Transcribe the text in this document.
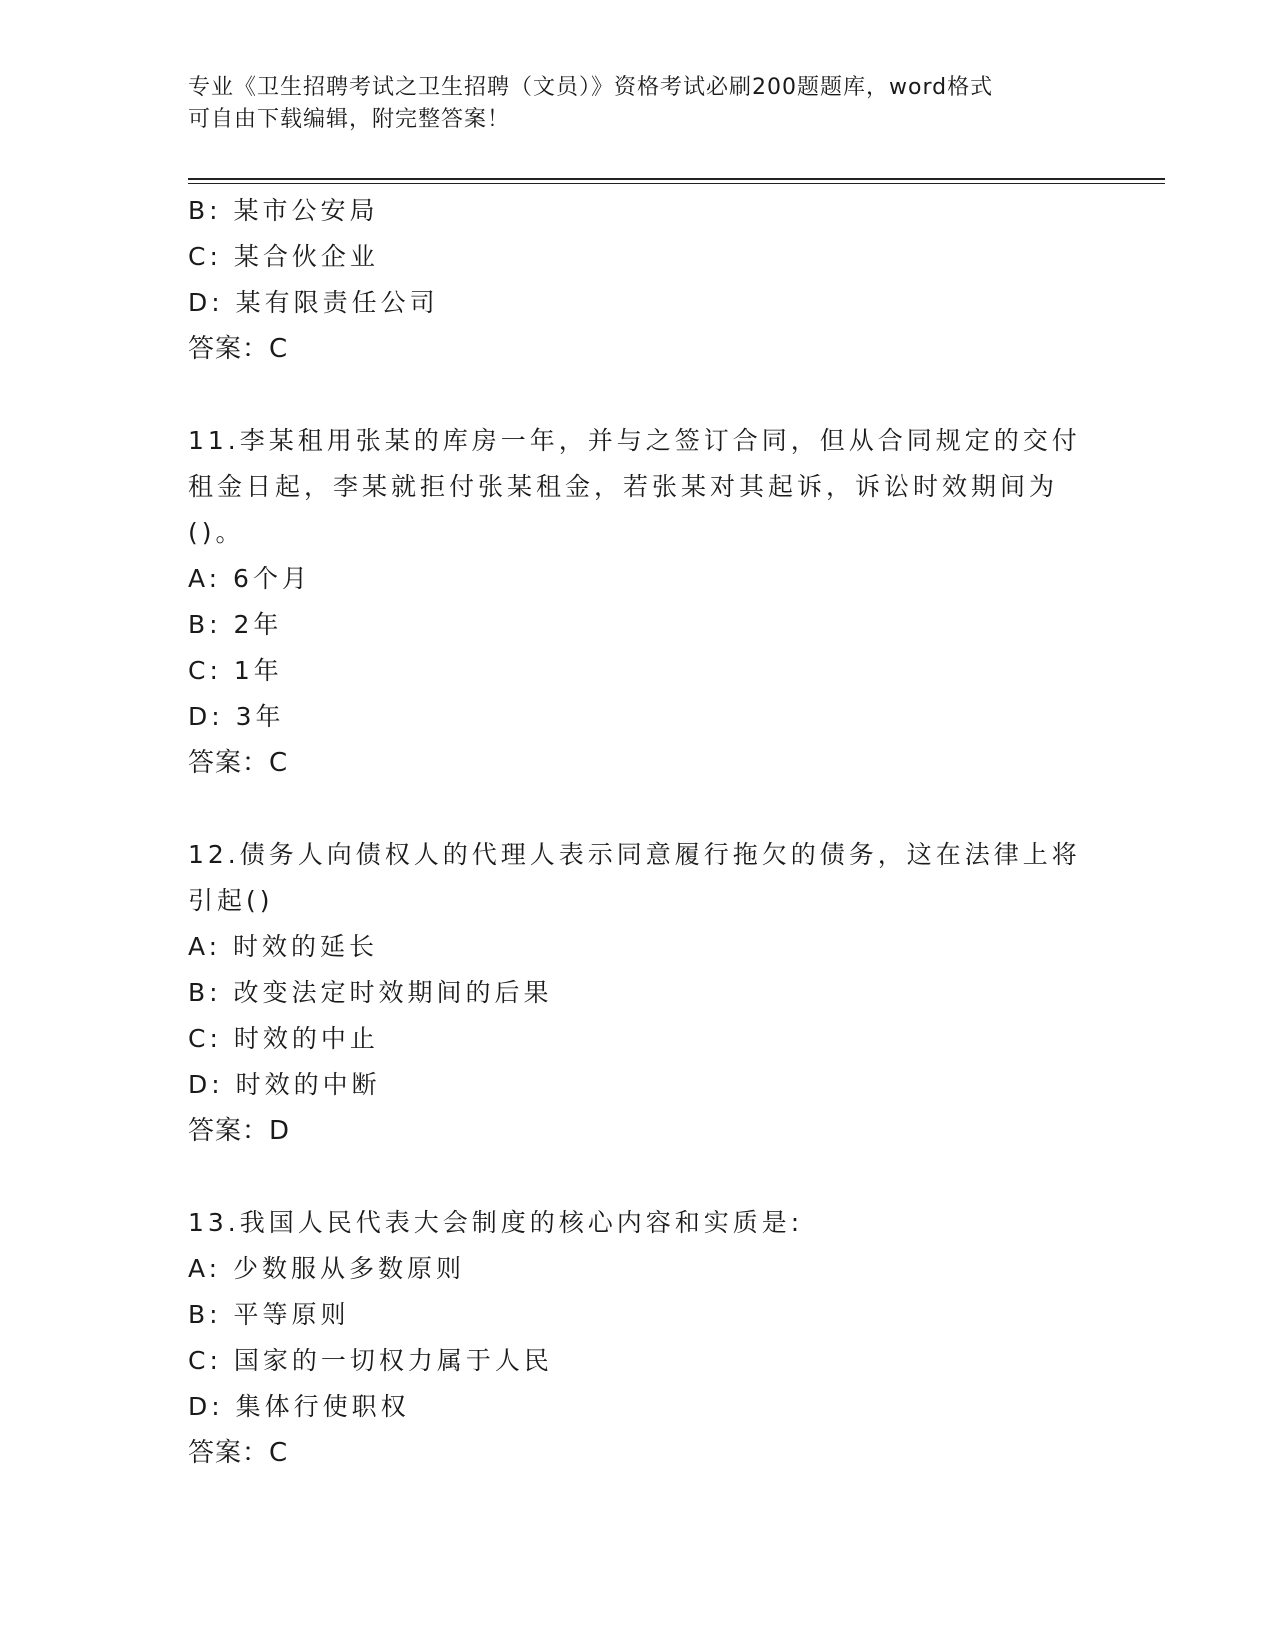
专业《卫生招聘考试之卫生招聘（文员）》资格考试必刷200题题库，word格式
可自由下载编辑，附完整答案！
B: 某市公安局
C: 某合伙企业
D: 某有限责任公司
答案：C
11.李某租用张某的库房一年，并与之签订合同，但从合同规定的交付
租金日起，李某就拒付张某租金，若张某对其起诉，诉讼时效期间为
()。
A: 6个月
B: 2年
C: 1年
D: 3年
答案：C
12.债务人向债权人的代理人表示同意履行拖欠的债务，这在法律上将
引起()
A: 时效的延长
B: 改变法定时效期间的后果
C: 时效的中止
D: 时效的中断
答案：D
13.我国人民代表大会制度的核心内容和实质是:
A: 少数服从多数原则
B: 平等原则
C: 国家的一切权力属于人民
D: 集体行使职权
答案：C
